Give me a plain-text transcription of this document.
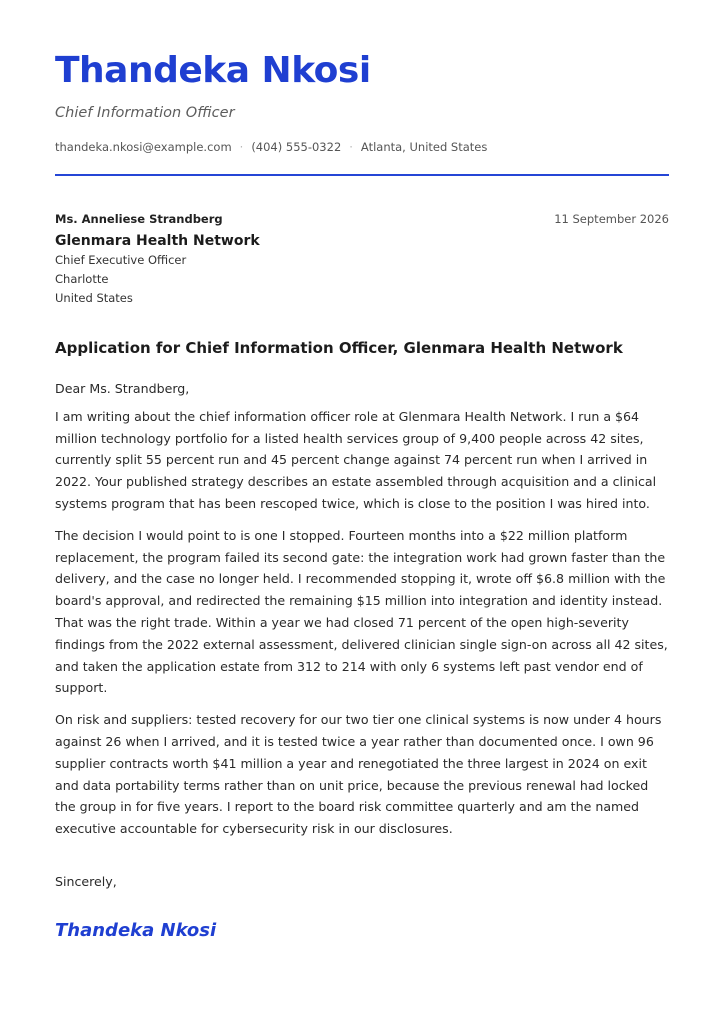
Thandeka Nkosi
Chief Information Officer
thandeka.nkosi@example.com · (404) 555-0322 · Atlanta, United States
Ms. Anneliese Strandberg
Glenmara Health Network
Chief Executive Officer
Charlotte
United States
11 September 2026
Application for Chief Information Officer, Glenmara Health Network

Dear Ms. Strandberg,

I am writing about the chief information officer role at Glenmara Health Network. I run a $64 million technology portfolio for a listed health services group of 9,400 people across 42 sites, currently split 55 percent run and 45 percent change against 74 percent run when I arrived in 2022. Your published strategy describes an estate assembled through acquisition and a clinical systems program that has been rescoped twice, which is close to the position I was hired into.

The decision I would point to is one I stopped. Fourteen months into a $22 million platform replacement, the program failed its second gate: the integration work had grown faster than the delivery, and the case no longer held. I recommended stopping it, wrote off $6.8 million with the board's approval, and redirected the remaining $15 million into integration and identity instead. That was the right trade. Within a year we had closed 71 percent of the open high-severity findings from the 2022 external assessment, delivered clinician single sign-on across all 42 sites, and taken the application estate from 312 to 214 with only 6 systems left past vendor end of support.

On risk and suppliers: tested recovery for our two tier one clinical systems is now under 4 hours against 26 when I arrived, and it is tested twice a year rather than documented once. I own 96 supplier contracts worth $41 million a year and renegotiated the three largest in 2024 on exit and data portability terms rather than on unit price, because the previous renewal had locked the group in for five years. I report to the board risk committee quarterly and am the named executive accountable for cybersecurity risk in our disclosures.

Sincerely,
Thandeka Nkosi
